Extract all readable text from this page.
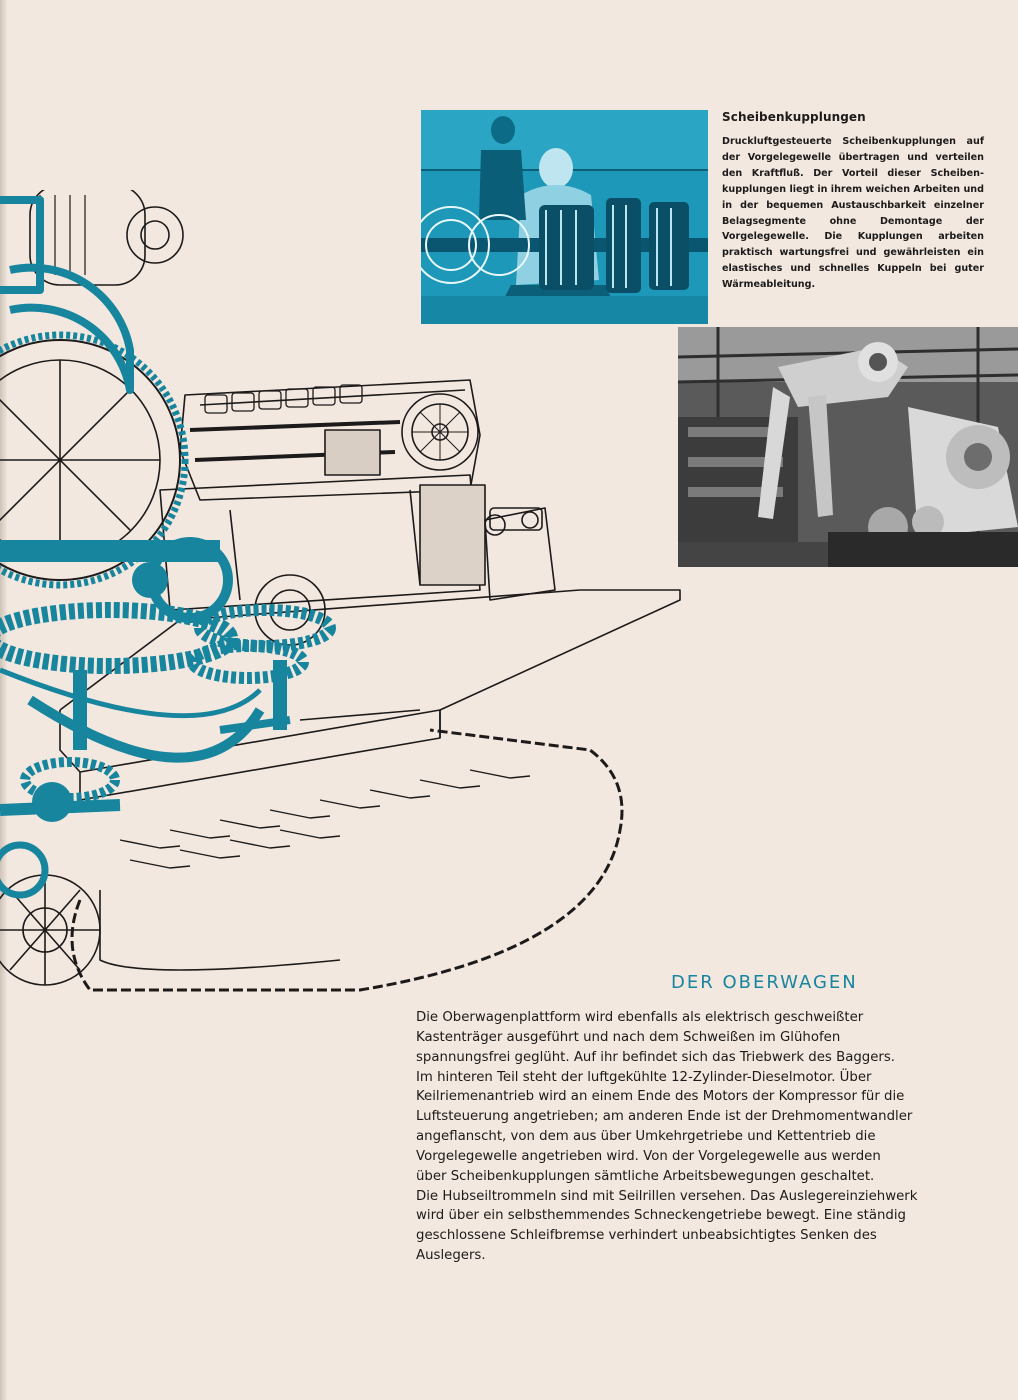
Scheibenkupplungen

Druckluftgesteuerte Scheibenkupplungen auf der Vorgelegewelle übertragen und verteilen den Kraftfluß. Der Vorteil dieser Scheiben-kupplungen liegt in ihrem weichen Arbeiten und in der bequemen Austauschbarkeit einzelner Belagsegmente ohne Demontage der Vorgelegewelle. Die Kupplungen arbeiten praktisch wartungsfrei und gewährleisten ein elastisches und schnelles Kuppeln bei guter Wärmeableitung.

DER OBERWAGEN
Die Oberwagenplattform wird ebenfalls als elektrisch geschweißter
Kastenträger ausgeführt und nach dem Schweißen im Glühofen
spannungsfrei geglüht. Auf ihr befindet sich das Triebwerk des Baggers.
Im hinteren Teil steht der luftgekühlte 12-Zylinder-Dieselmotor. Über
Keilriemenantrieb wird an einem Ende des Motors der Kompressor für die
Luftsteuerung angetrieben; am anderen Ende ist der Drehmomentwandler
angeflanscht, von dem aus über Umkehrgetriebe und Kettentrieb die
Vorgelegewelle angetrieben wird. Von der Vorgelegewelle aus werden
über Scheibenkupplungen sämtliche Arbeitsbewegungen geschaltet.
Die Hubseiltrommeln sind mit Seilrillen versehen. Das Auslegereinziehwerk
wird über ein selbsthemmendes Schneckengetriebe bewegt. Eine ständig
geschlossene Schleifbremse verhindert unbeabsichtigtes Senken des
Auslegers.
